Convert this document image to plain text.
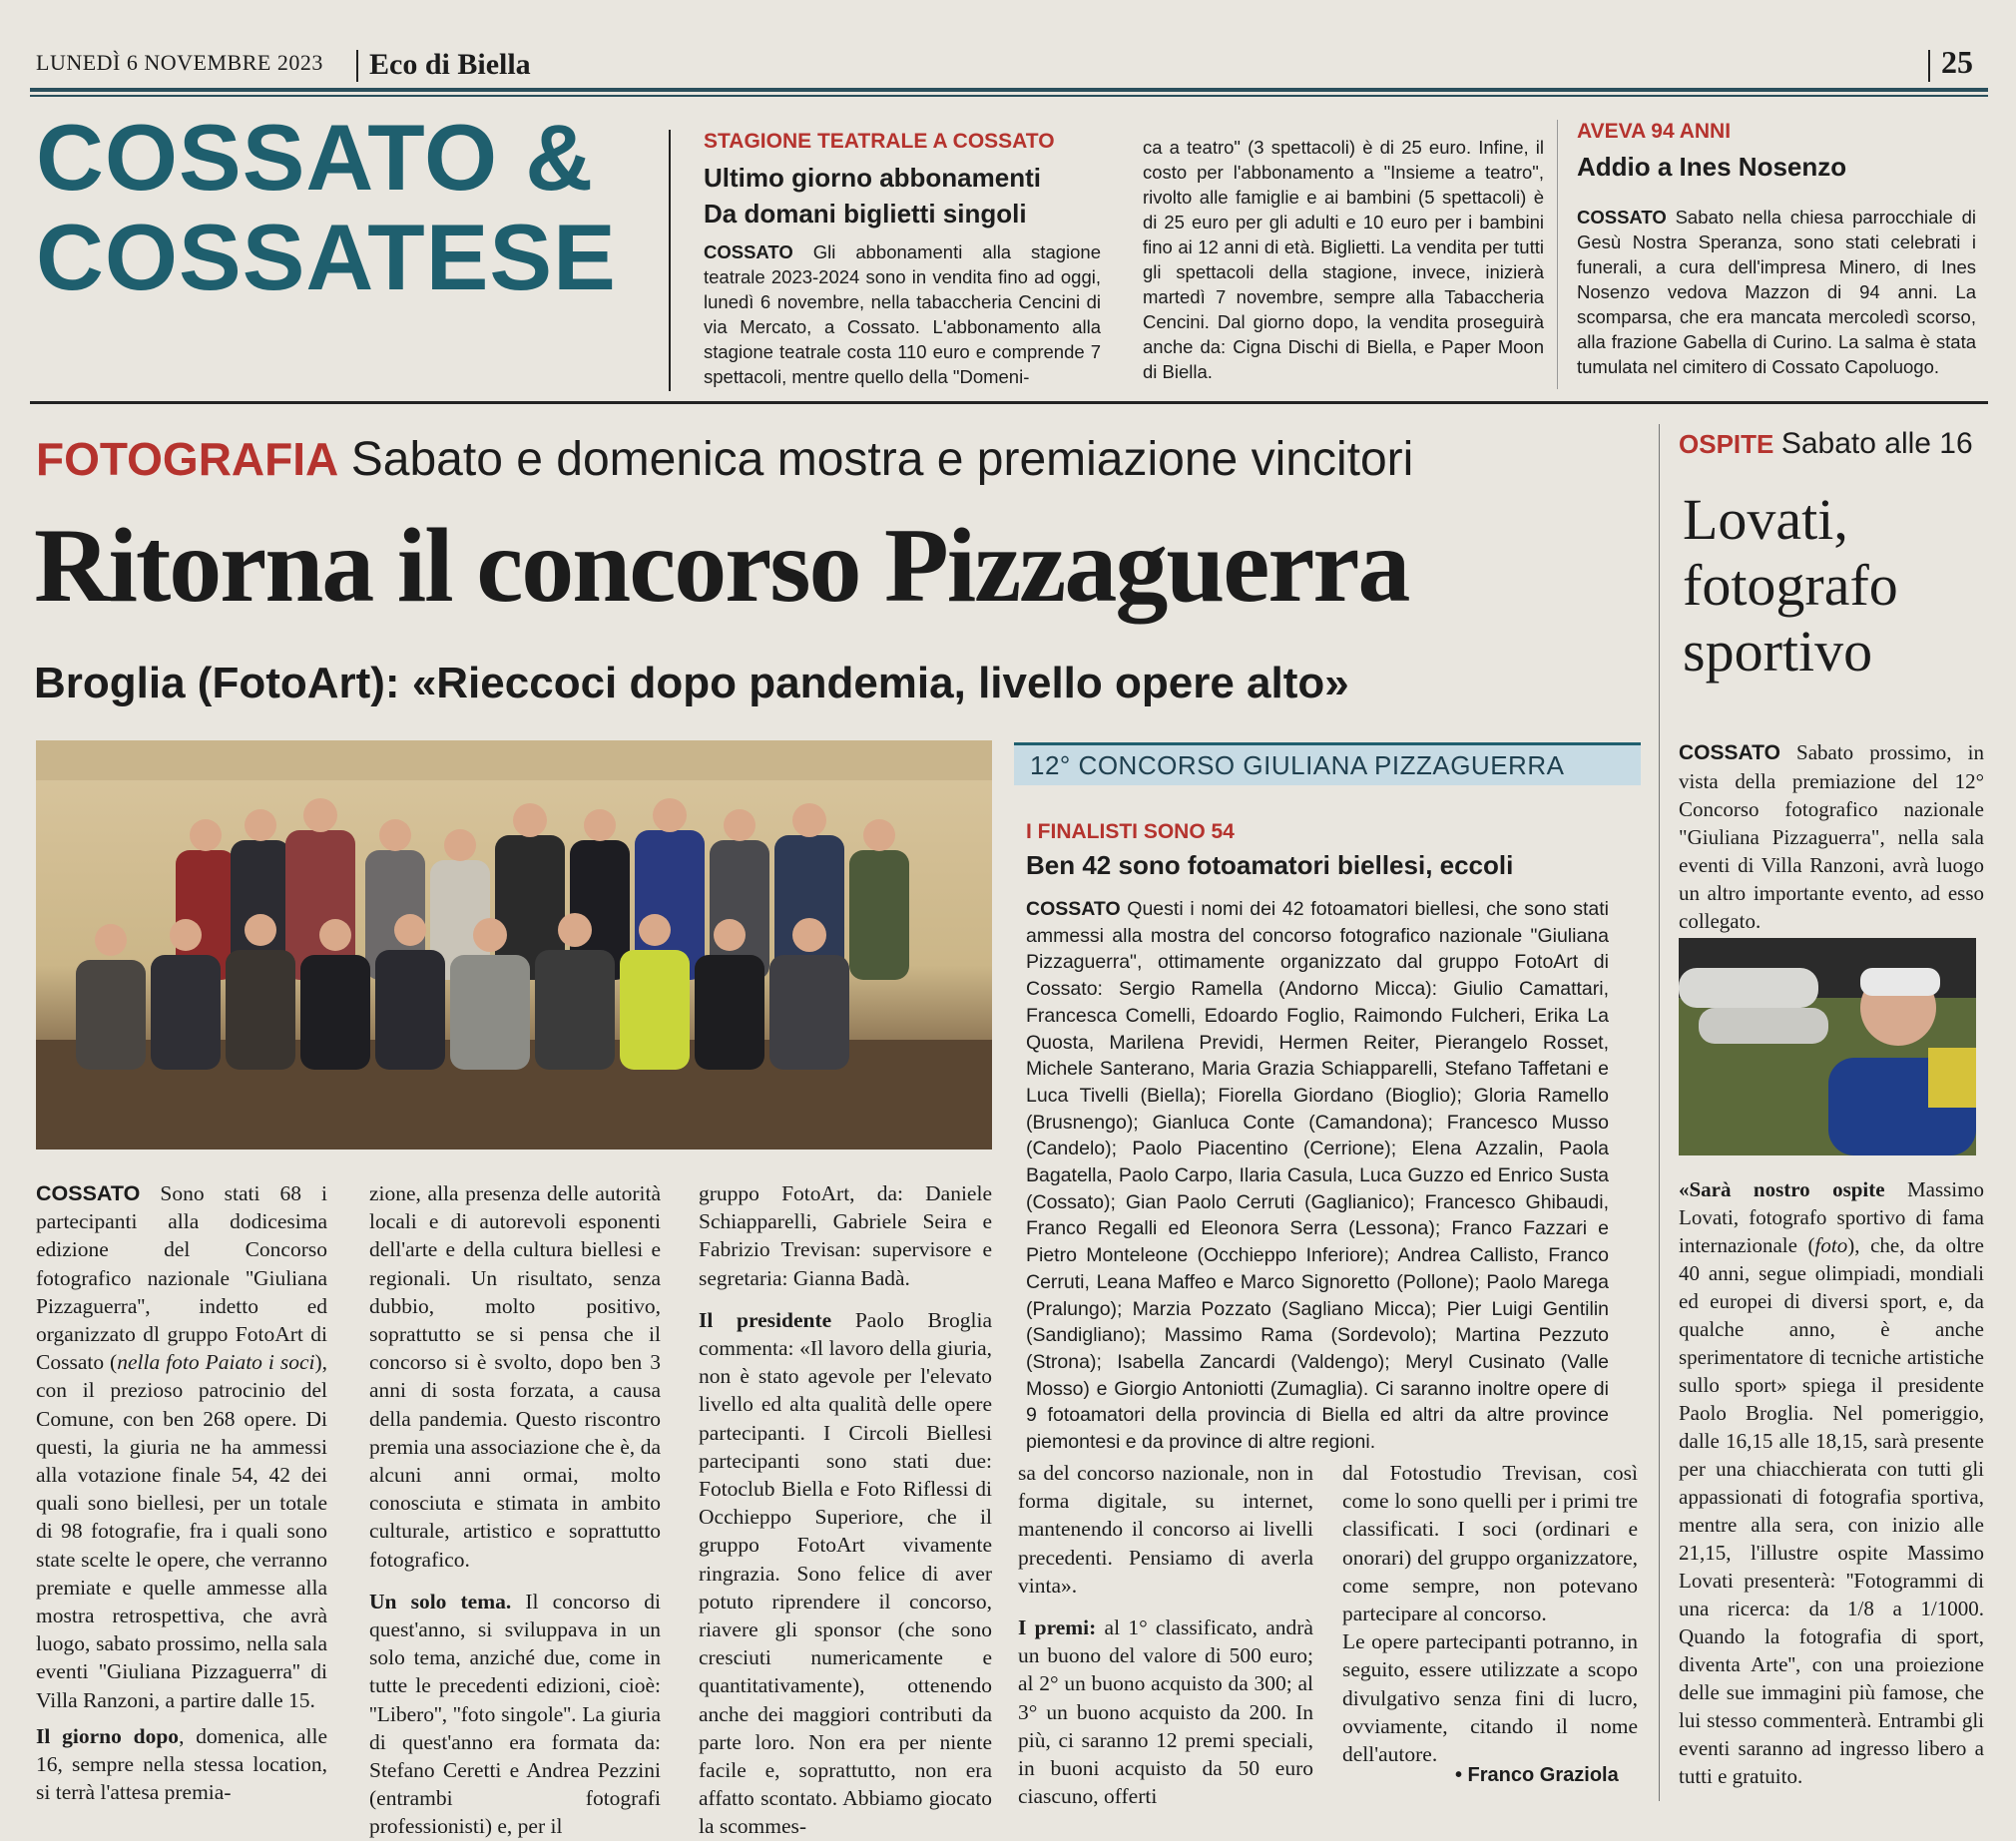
LUNEDÌ 6 NOVEMBRE 2023 Eco di Biella	25
COSSATO &
COSSATESE
STAGIONE TEATRALE A COSSATO
Ultimo giorno abbonamenti
Da domani biglietti singoli
COSSATO Gli abbonamenti alla stagione teatrale 2023-2024 sono in vendita fino ad oggi, lunedì 6 novembre, nella tabaccheria Cencini di via Mercato, a Cossato. L'abbonamento alla stagione teatrale costa 110 euro e comprende 7 spettacoli, mentre quello della "Domeni-
ca a teatro" (3 spettacoli) è di 25 euro. Infine, il costo per l'abbonamento a "Insieme a teatro", rivolto alle famiglie e ai bambini (5 spettacoli) è di 25 euro per gli adulti e 10 euro per i bambini fino ai 12 anni di età. Biglietti. La vendita per tutti gli spettacoli della stagione, invece, inizierà martedì 7 novembre, sempre alla Tabaccheria Cencini. Dal giorno dopo, la vendita proseguirà anche da: Cigna Dischi di Biella, e Paper Moon di Biella.
AVEVA 94 ANNI
Addio a Ines Nosenzo
COSSATO Sabato nella chiesa parrocchiale di Gesù Nostra Speranza, sono stati celebrati i funerali, a cura dell'impresa Minero, di Ines Nosenzo vedova Mazzon di 94 anni. La scomparsa, che era mancata mercoledì scorso, alla frazione Gabella di Curino. La salma è stata tumulata nel cimitero di Cossato Capoluogo.
FOTOGRAFIA Sabato e domenica mostra e premiazione vincitori
Ritorna il concorso Pizzaguerra
Broglia (FotoArt): «Rieccoci dopo pandemia, livello opere alto»
COSSATO Sono stati 68 i partecipanti alla dodicesima edizione del Concorso fotografico nazionale ''Giuliana Pizzaguerra'', indetto ed organizzato dl gruppo FotoArt di Cossato (nella foto Paiato i soci), con il prezioso patrocinio del Comune, con ben 268 opere. Di questi, la giuria ne ha ammessi alla votazione finale 54, 42 dei quali sono biellesi, per un totale di 98 fotografie, fra i quali sono state scelte le opere, che verranno premiate e quelle ammesse alla mostra retrospettiva, che avrà luogo, sabato prossimo, nella sala eventi ''Giuliana Pizzaguerra'' di Villa Ranzoni, a partire dalle 15.
Il giorno dopo, domenica, alle 16, sempre nella stessa location, si terrà l'attesa premia-
zione, alla presenza delle autorità locali e di autorevoli esponenti dell'arte e della cultura biellesi e regionali. Un risultato, senza dubbio, molto positivo, soprattutto se si pensa che il concorso si è svolto, dopo ben 3 anni di sosta forzata, a causa della pandemia. Questo riscontro premia una associazione che è, da alcuni anni ormai, molto conosciuta e stimata in ambito culturale, artistico e soprattutto fotografico.
Un solo tema. Il concorso di quest'anno, si sviluppava in un solo tema, anziché due, come in tutte le precedenti edizioni, cioè: ''Libero'', ''foto singole''. La giuria di quest'anno era formata da: Stefano Ceretti e Andrea Pezzini (entrambi fotografi professionisti) e, per il
gruppo FotoArt, da: Daniele Schiapparelli, Gabriele Seira e Fabrizio Trevisan: supervisore e segretaria: Gianna Badà.
Il presidente Paolo Broglia commenta: «Il lavoro della giuria, non è stato agevole per l'elevato livello ed alta qualità delle opere partecipanti. I Circoli Biellesi partecipanti sono stati due: Fotoclub Biella e Foto Riflessi di Occhieppo Superiore, che il gruppo FotoArt vivamente ringrazia. Sono felice di aver potuto riprendere il concorso, riavere gli sponsor (che sono cresciuti numericamente e quantitativamente), ottenendo anche dei maggiori contributi da parte loro. Non era per niente facile e, soprattutto, non era affatto scontato. Abbiamo giocato la scommes-
sa del concorso nazionale, non in forma digitale, su internet, mantenendo il concorso ai livelli precedenti. Pensiamo di averla vinta».
I premi: al 1° classificato, andrà un buono del valore di 500 euro; al 2° un buono acquisto da 300; al 3° un buono acquisto da 200. In più, ci saranno 12 premi speciali, in buoni acquisto da 50 euro ciascuno, offerti
dal Fotostudio Trevisan, così come lo sono quelli per i primi tre classificati. I soci (ordinari e onorari) del gruppo organizzatore, come sempre, non potevano partecipare al concorso.
Le opere partecipanti potranno, in seguito, essere utilizzate a scopo divulgativo senza fini di lucro, ovviamente, citando il nome dell'autore.
• Franco Graziola
12° CONCORSO GIULIANA PIZZAGUERRA
I FINALISTI SONO 54
Ben 42 sono fotoamatori biellesi, eccoli
COSSATO Questi i nomi dei 42 fotoamatori biellesi, che sono stati ammessi alla mostra del concorso fotografico nazionale "Giuliana Pizzaguerra", ottimamente organizzato dal gruppo FotoArt di Cossato: Sergio Ramella (Andorno Micca): Giulio Camattari, Francesca Comelli, Edoardo Foglio, Raimondo Fulcheri, Erika La Quosta, Marilena Previdi, Hermen Reiter, Pierangelo Rosset, Michele Santerano, Maria Grazia Schiapparelli, Stefano Taffetani e Luca Tivelli (Biella); Fiorella Giordano (Bioglio); Gloria Ramello (Brusnengo); Gianluca Conte (Camandona); Francesco Musso (Candelo); Paolo Piacentino (Cerrione); Elena Azzalin, Paola Bagatella, Paolo Carpo, Ilaria Casula, Luca Guzzo ed Enrico Susta (Cossato); Gian Paolo Cerruti (Gaglianico); Francesco Ghibaudi, Franco Regalli ed Eleonora Serra (Lessona); Franco Fazzari e Pietro Monteleone (Occhieppo Inferiore); Andrea Callisto, Franco Cerruti, Leana Maffeo e Marco Signoretto (Pollone); Paolo Marega (Pralungo); Marzia Pozzato (Sagliano Micca); Pier Luigi Gentilin (Sandigliano); Massimo Rama (Sordevolo); Martina Pezzuto (Strona); Isabella Zancardi (Valdengo); Meryl Cusinato (Valle Mosso) e Giorgio Antoniotti (Zumaglia). Ci saranno inoltre opere di 9 fotoamatori della provincia di Biella ed altri da altre province piemontesi e da province di altre regioni.
OSPITE Sabato alle 16
Lovati,
fotografo
sportivo
COSSATO Sabato prossimo, in vista della premiazione del 12° Concorso fotografico nazionale "Giuliana Pizzaguerra", nella sala eventi di Villa Ranzoni, avrà luogo un altro importante evento, ad esso collegato.
«Sarà nostro ospite Massimo Lovati, fotografo sportivo di fama internazionale (foto), che, da oltre 40 anni, segue olimpiadi, mondiali ed europei di diversi sport, e, da qualche anno, è anche sperimentatore di tecniche artistiche sullo sport» spiega il presidente Paolo Broglia. Nel pomeriggio, dalle 16,15 alle 18,15, sarà presente per una chiacchierata con tutti gli appassionati di fotografia sportiva, mentre alla sera, con inizio alle 21,15, l'illustre ospite Massimo Lovati presenterà: ''Fotogrammi di una ricerca: da 1/8 a 1/1000. Quando la fotografia di sport, diventa Arte'', con una proiezione delle sue immagini più famose, che lui stesso commenterà. Entrambi gli eventi saranno ad ingresso libero a tutti e gratuito.
